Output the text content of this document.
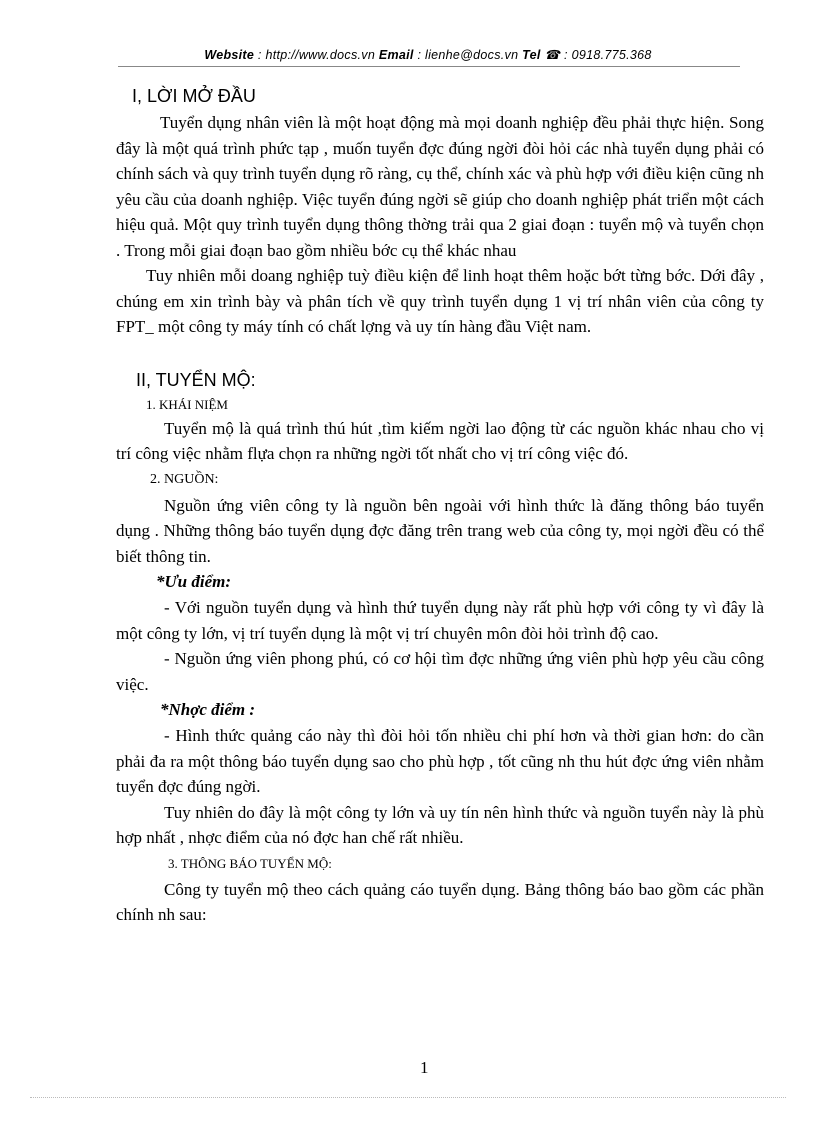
Website : http://www.docs.vn Email : lienhe@docs.vn Tel ☎ : 0918.775.368
I, LỜI MỞ ĐẦU

Tuyển dụng nhân viên là một hoạt động mà mọi doanh nghiệp đều phải thực hiện. Song đây là một quá trình phức tạp , muốn tuyển đợc đúng ngời đòi hỏi các nhà tuyển dụng phải có chính sách và quy trình tuyển dụng rõ ràng, cụ thể, chính xác và phù hợp với điều kiện cũng nh yêu cầu của doanh nghiệp. Việc tuyển đúng ngời sẽ giúp cho doanh nghiệp phát triển một cách hiệu quả. Một quy trình tuyển dụng thông thờng trải qua 2 giai đoạn : tuyển mộ và tuyển chọn . Trong mỗi giai đoạn bao gồm nhiều bớc cụ thể khác nhau

Tuy nhiên mỗi doang nghiệp tuỳ điều kiện để linh hoạt thêm hoặc bớt từng bớc. Dới đây , chúng em xin trình bày và phân tích về quy trình tuyển dụng 1 vị trí nhân viên của công ty FPT_ một công ty máy tính có chất lợng và uy tín hàng đầu Việt nam.

II, TUYỂN MỘ:
1. KHÁI NIỆM

Tuyển mộ là quá trình thú hút ,tìm kiếm ngời lao động từ các nguồn khác nhau cho vị trí công việc nhằm flựa chọn ra những ngời tốt nhất cho vị trí công việc đó.

2. NGUỒN:

Nguồn ứng viên công ty là nguồn bên ngoài với hình thức là đăng thông báo tuyển dụng . Những thông báo tuyển dụng đợc đăng trên trang web của công ty, mọi ngời đều có thể biết thông tin.

*Ưu điểm:

- Với nguồn tuyển dụng và hình thứ tuyển dụng này rất phù hợp với công ty vì đây là một công ty lớn, vị trí tuyển dụng là một vị trí chuyên môn đòi hỏi trình độ cao.

- Nguồn ứng viên phong phú, có cơ hội tìm đợc những ứng viên phù hợp yêu cầu công việc.

*Nhợc điểm :

- Hình thức quảng cáo này thì đòi hỏi tốn nhiều chi phí hơn và thời gian hơn: do cần phải đa ra một thông báo tuyển dụng sao cho phù hợp , tốt cũng nh thu hút đợc ứng viên nhằm tuyển đợc đúng ngời.

Tuy nhiên do đây là một công ty lớn và uy tín nên hình thức và nguồn tuyển này là phù hợp nhất , nhợc điểm của nó đợc han chế rất nhiều.

3. THÔNG BÁO TUYỂN MỘ:

Công ty tuyển mộ theo cách quảng cáo tuyển dụng. Bảng thông báo bao gồm các phần chính nh sau:

1
